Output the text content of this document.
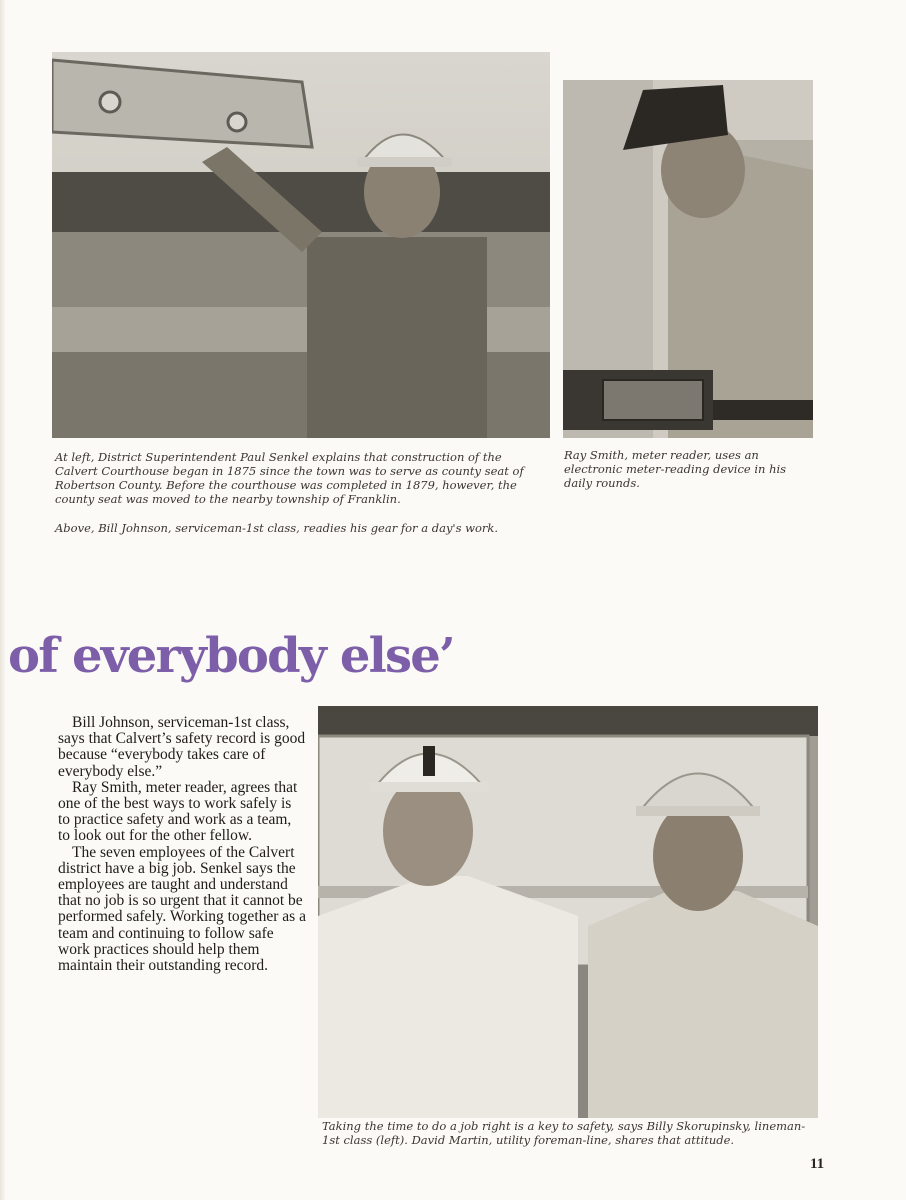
At left, District Superintendent Paul Senkel explains that construction of the Calvert Courthouse began in 1875 since the town was to serve as county seat of Robertson County. Before the courthouse was completed in 1879, however, the county seat was moved to the nearby township of Franklin.

Above, Bill Johnson, serviceman-1st class, readies his gear for a day's work.

Ray Smith, meter reader, uses an electronic meter-reading device in his daily rounds.

of everybody else’

Bill Johnson, serviceman-1st class, says that Calvert’s safety record is good because “everybody takes care of everybody else.”

Ray Smith, meter reader, agrees that one of the best ways to work safely is to practice safety and work as a team, to look out for the other fellow.

The seven employees of the Calvert district have a big job. Senkel says the employees are taught and understand that no job is so urgent that it cannot be performed safely. Working together as a team and continuing to follow safe work practices should help them maintain their outstanding record.

Taking the time to do a job right is a key to safety, says Billy Skorupinsky, lineman-1st class (left). David Martin, utility foreman-line, shares that attitude.

11
